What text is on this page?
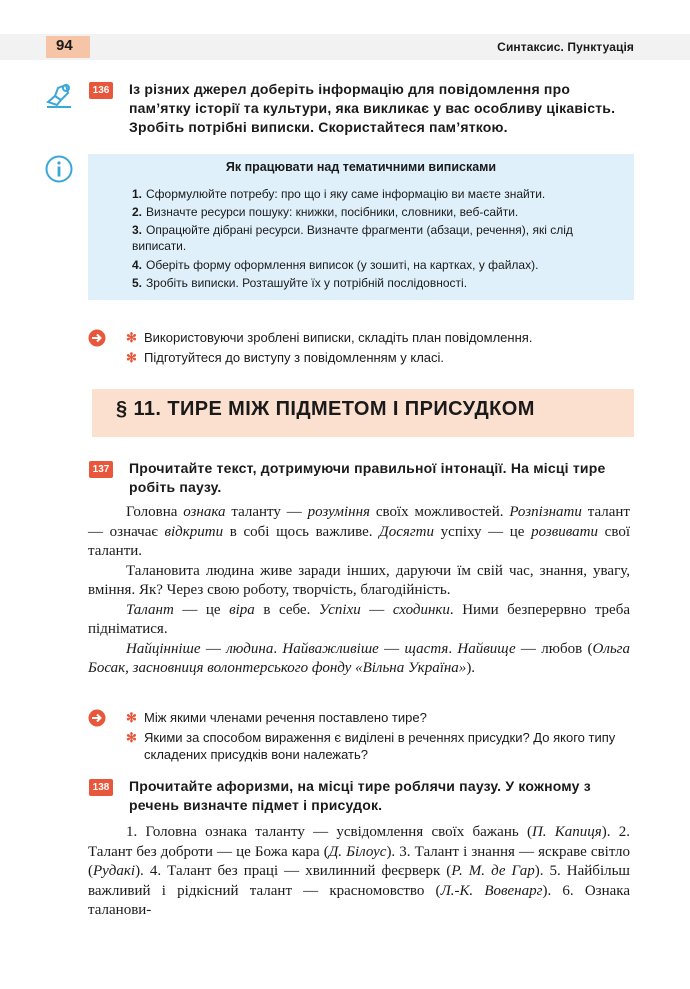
94	Синтаксис. Пунктуація
136 Із різних джерел доберіть інформацію для повідомлення про пам’ятку історії та культури, яка викликає у вас особливу цікавість. Зробіть потрібні виписки. Скористайтеся пам’яткою.
Як працювати над тематичними виписками
1. Сформулюйте потребу: про що і яку саме інформацію ви маєте знайти.
2. Визначте ресурси пошуку: книжки, посібники, словники, веб-сайти.
3. Опрацюйте дібрані ресурси. Визначте фрагменти (абзаци, речення), які слід виписати.
4. Оберіть форму оформлення виписок (у зошиті, на картках, у файлах).
5. Зробіть виписки. Розташуйте їх у потрібній послідовності.
✻ Використовуючи зроблені виписки, складіть план повідомлення.
✻ Підготуйтеся до виступу з повідомленням у класі.
§ 11. ТИРЕ МІЖ ПІДМЕТОМ І ПРИСУДКОМ
137 Прочитайте текст, дотримуючи правильної інтонації. На місці тире робіть паузу.

Головна ознака таланту — розуміння своїх можливостей. Розпізнати талант — означає відкрити в собі щось важливе. Досягти успіху — це розвивати свої таланти.

Талановита людина живе заради інших, даруючи їм свій час, знання, увагу, вміння. Як? Через свою роботу, творчість, благодійність.

Талант — це віра в себе. Успіхи — сходинки. Ними безперервно треба підніматися.

Найцінніше — людина. Найважливіше — щастя. Найвище — любов (Ольга Босак, засновниця волонтерського фонду «Вільна Україна»).

✻ Між якими членами речення поставлено тире?
✻ Якими за способом вираження є виділені в реченнях присудки? До якого типу складених присудків вони належать?
138 Прочитайте афоризми, на місці тире роблячи паузу. У кожному з речень визначте підмет і присудок.

1. Головна ознака таланту — усвідомлення своїх бажань (П. Капиця). 2. Талант без доброти — це Божа кара (Д. Білоус). 3. Талант і знання — яскраве світло (Рудакі). 4. Талант без праці — хвилинний феєрверк (Р. М. де Гар). 5. Найбільш важливий і рідкісний талант — красномовство (Л.-К. Вовенарг). 6. Ознака таланови-
